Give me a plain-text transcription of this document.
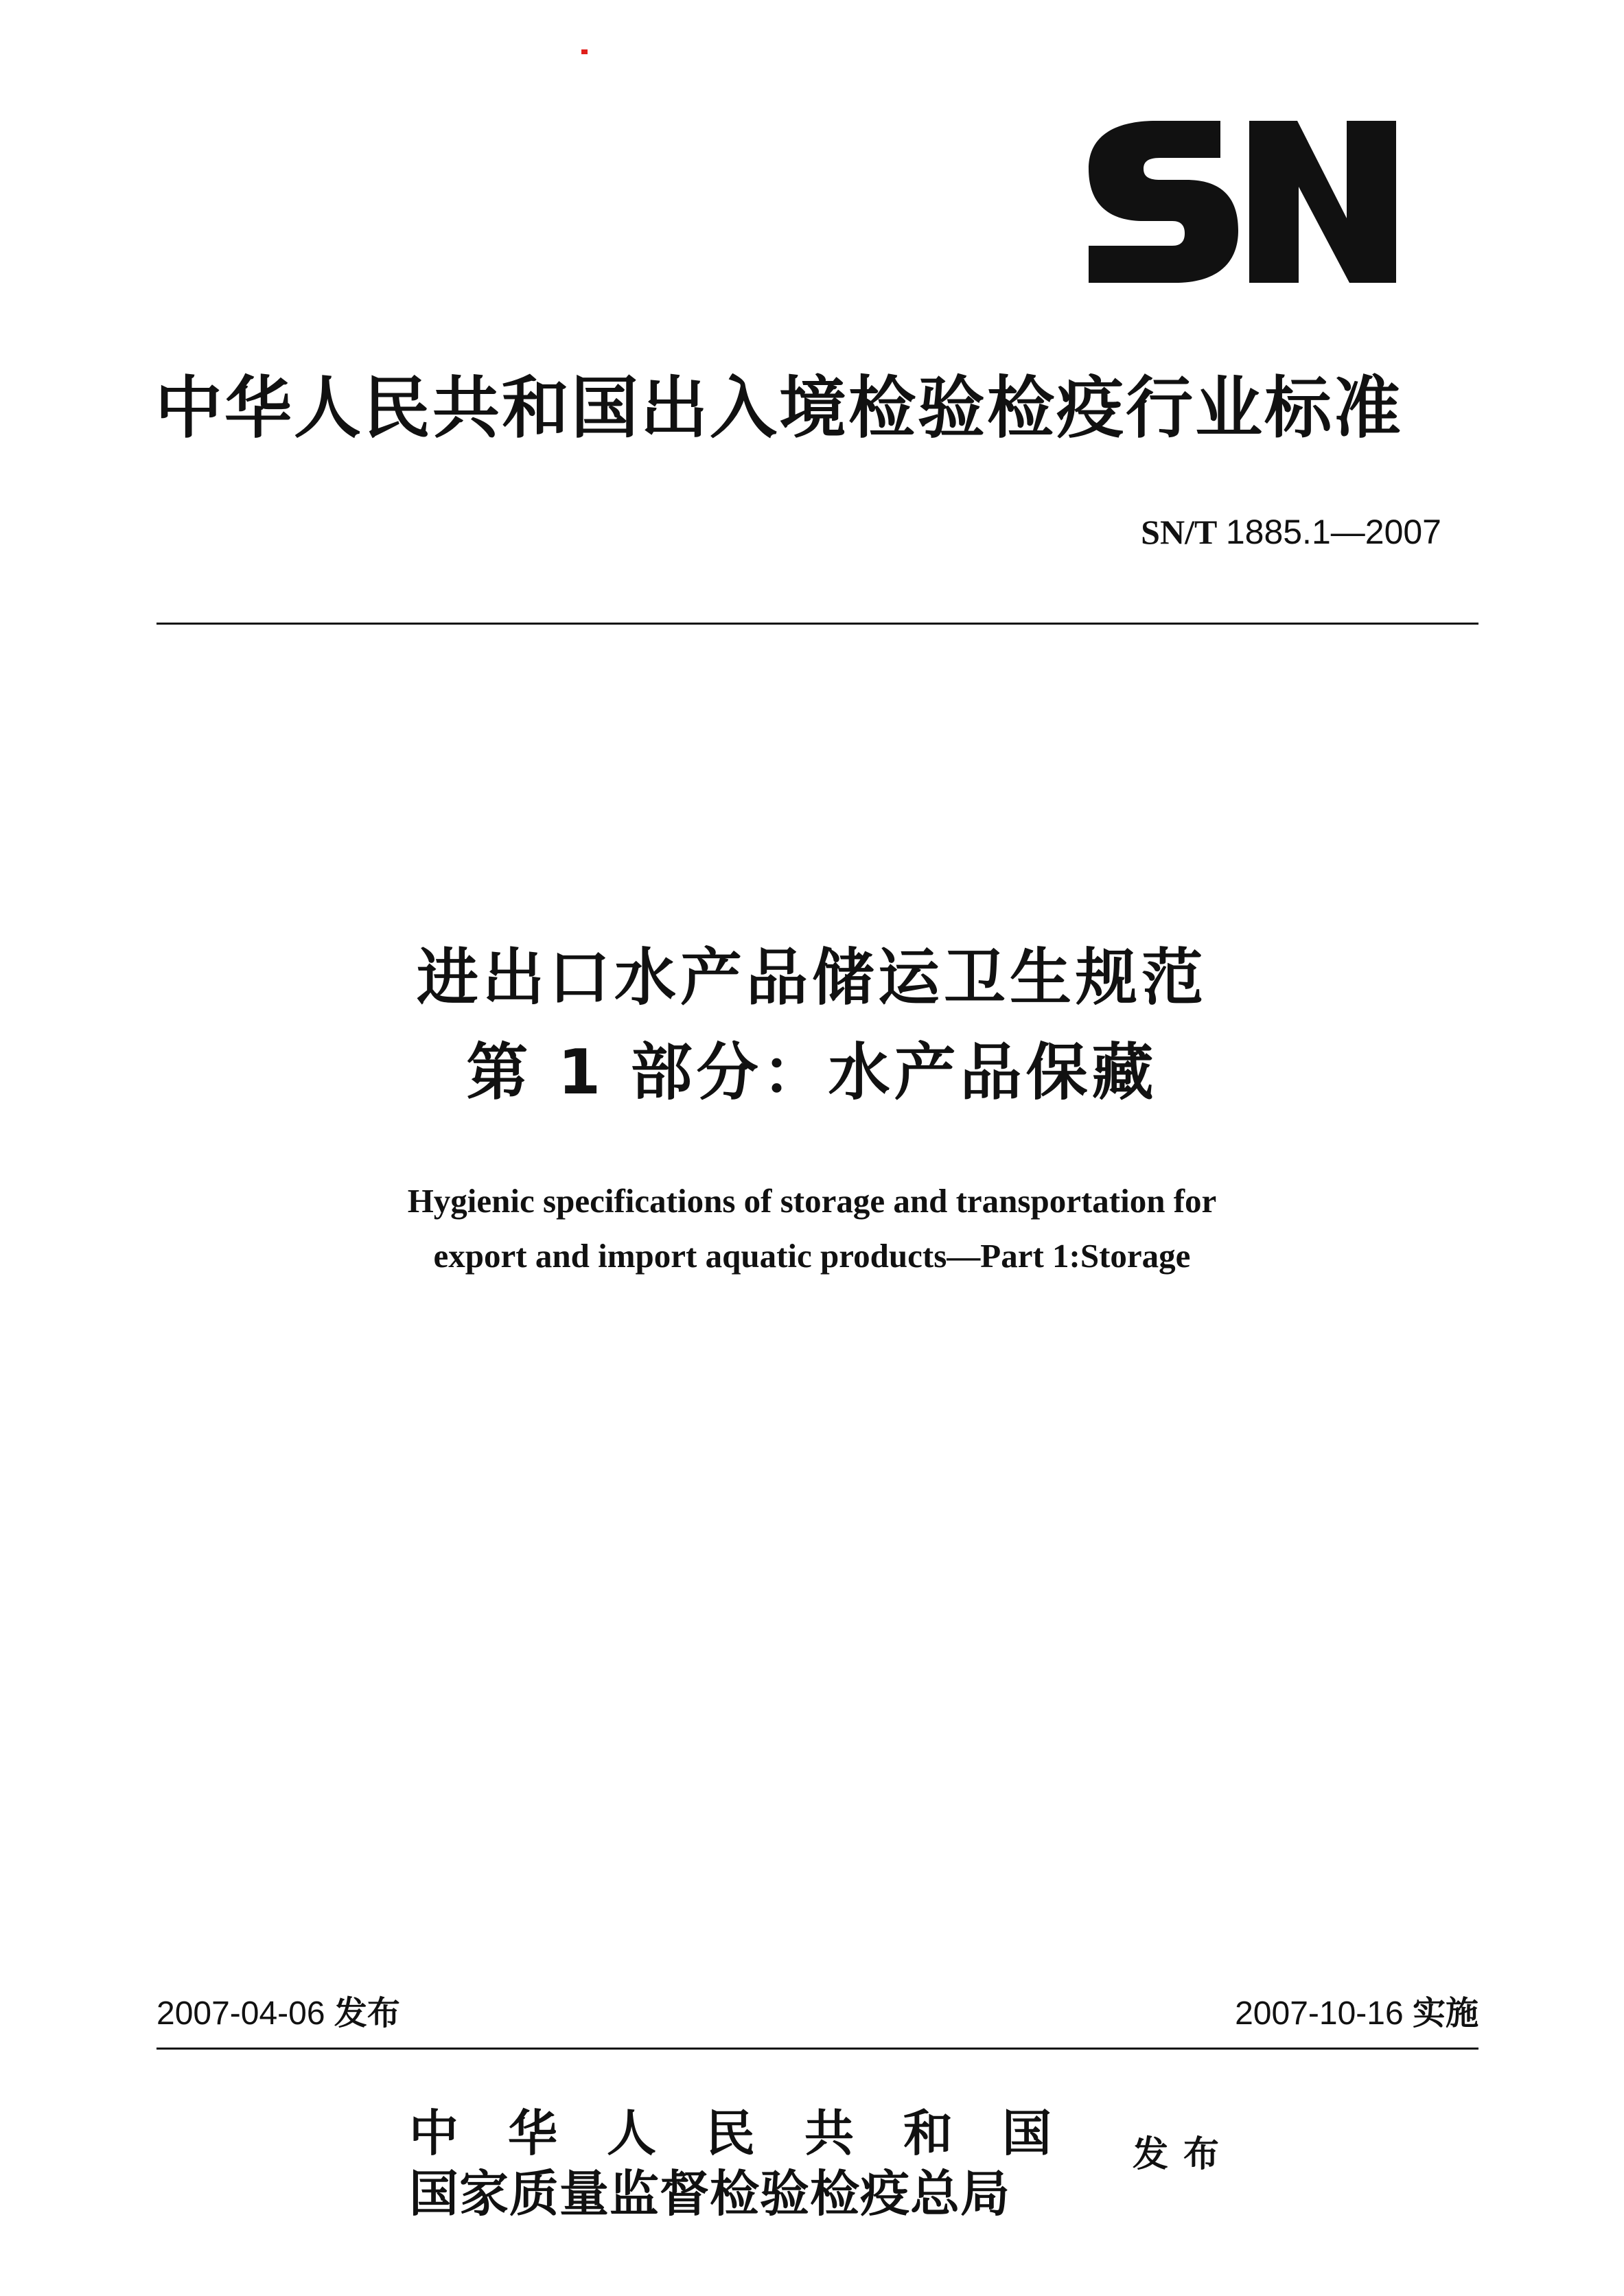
中华人民共和国出入境检验检疫行业标准
SN/T 1885.1—2007
进出口水产品储运卫生规范
第 1 部分：水产品保藏
Hygienic specifications of storage and transportation for
export and import aquatic products—Part 1:Storage
2007-04-06 发布	2007-10-16 实施
中华人民共和国
国家质量监督检验检疫总局
发布
